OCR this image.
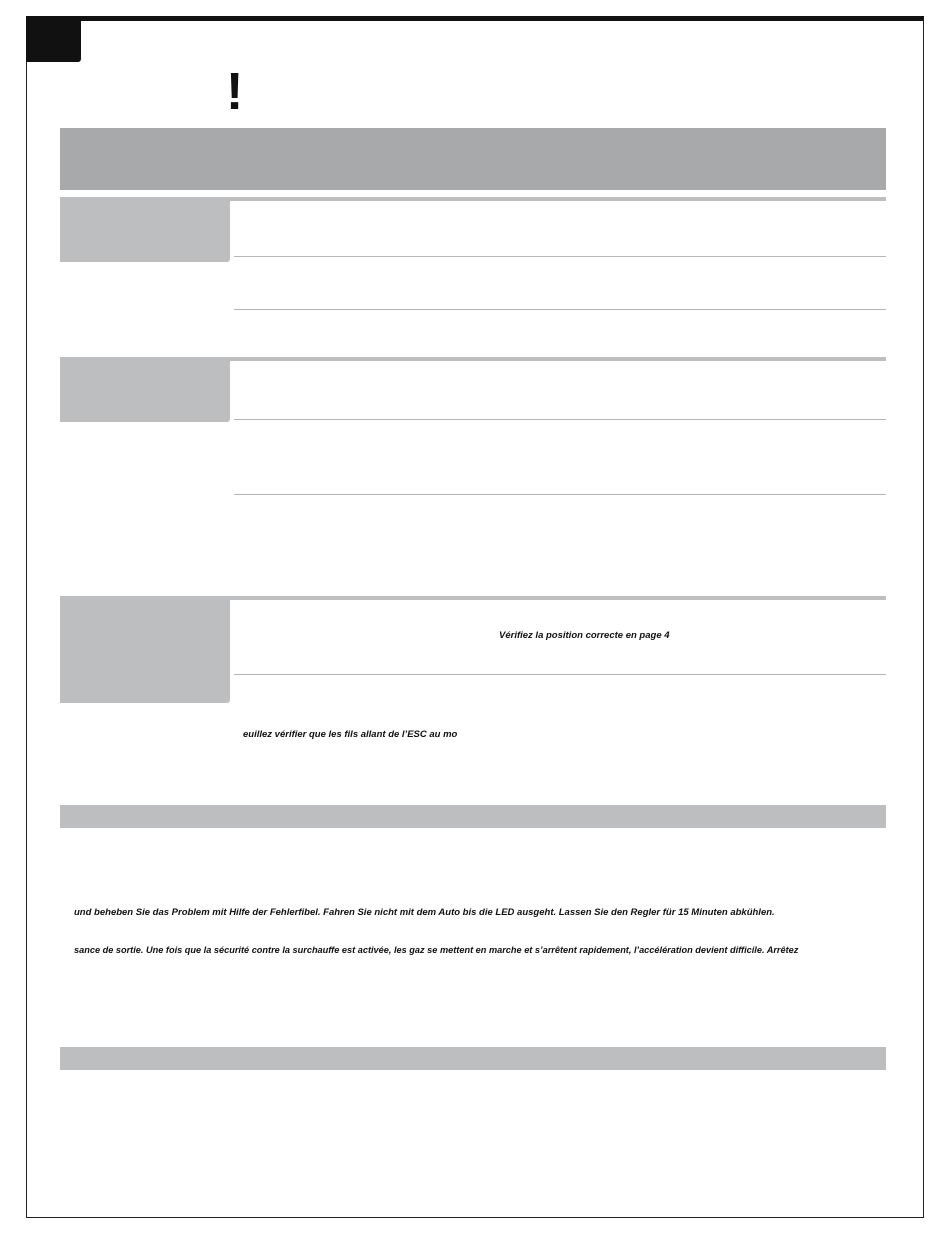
!
Vérifiez la position correcte en page 4
euillez vérifier que les fils allant de l’ESC au mo
und beheben Sie das Problem mit Hilfe der Fehlerfibel. Fahren Sie nicht mit dem Auto bis die LED ausgeht. Lassen Sie den Regler für 15 Minuten abkühlen.
sance de sortie. Une fois que la sécurité contre la surchauffe est activée, les gaz se mettent en marche et s’arrêtent rapidement, l’accélération devient difficile. Arrêtez
